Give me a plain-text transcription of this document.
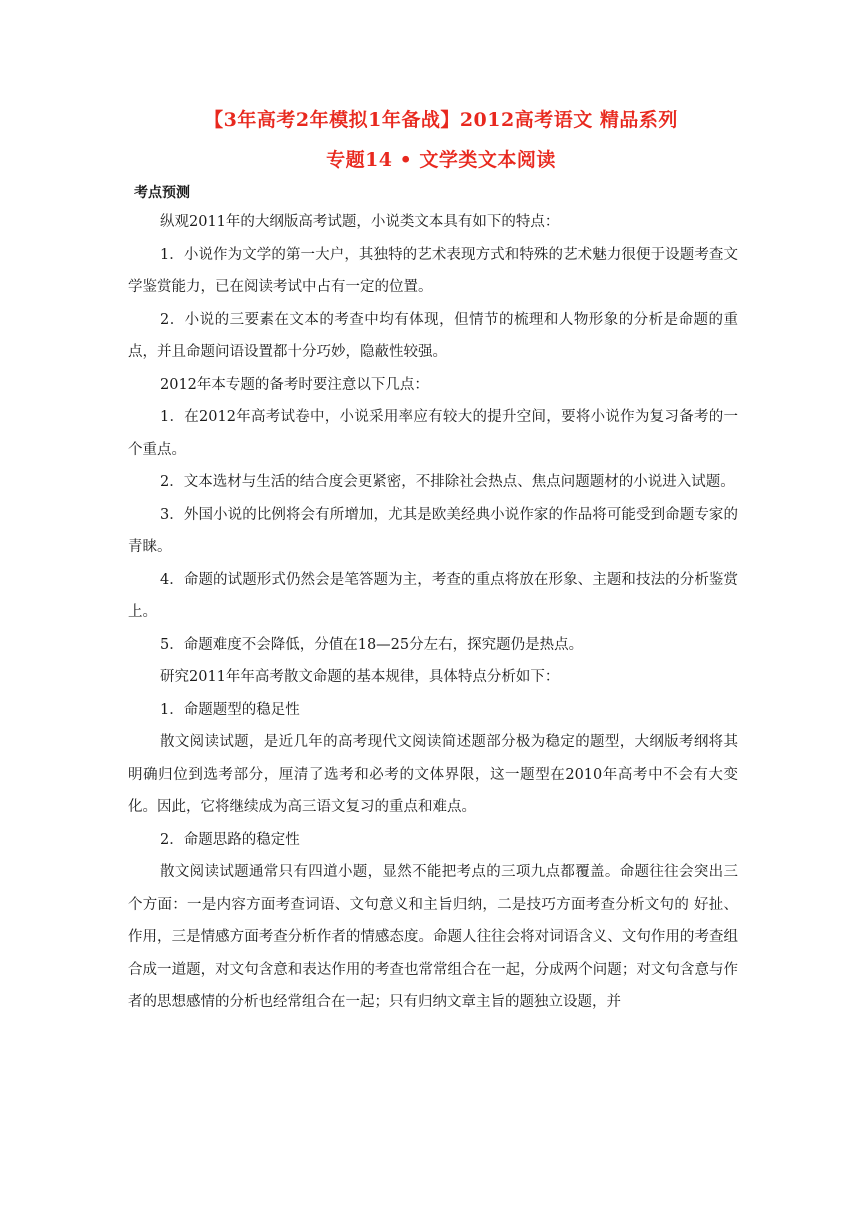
【3年高考2年模拟1年备战】2012高考语文 精品系列
专题14 • 文学类文本阅读
考点预测

纵观2011年的大纲版高考试题，小说类文本具有如下的特点：

1．小说作为文学的第一大户，其独特的艺术表现方式和特殊的艺术魅力很便于设题考查文学鉴赏能力，已在阅读考试中占有一定的位置。

2．小说的三要素在文本的考查中均有体现，但情节的梳理和人物形象的分析是命题的重点，并且命题问语设置都十分巧妙，隐蔽性较强。

2012年本专题的备考时要注意以下几点：

1．在2012年高考试卷中，小说采用率应有较大的提升空间，要将小说作为复习备考的一个重点。

2．文本选材与生活的结合度会更紧密，不排除社会热点、焦点问题题材的小说进入试题。

3．外国小说的比例将会有所增加，尤其是欧美经典小说作家的作品将可能受到命题专家的青睐。

4．命题的试题形式仍然会是笔答题为主，考查的重点将放在形象、主题和技法的分析鉴赏上。

5．命题难度不会降低，分值在18—25分左右，探究题仍是热点。

研究2011年年高考散文命题的基本规律，具体特点分析如下：

1．命题题型的稳足性

散文阅读试题，是近几年的高考现代文阅读简述题部分极为稳定的题型，大纲版考纲将其明确归位到选考部分，厘清了选考和必考的文体界限，这一题型在2010年高考中不会有大变化。因此，它将继续成为高三语文复习的重点和难点。

2．命题思路的稳定性

散文阅读试题通常只有四道小题，显然不能把考点的三项九点都覆盖。命题往往会突出三个方面：一是内容方面考查词语、文句意义和主旨归纳，二是技巧方面考查分析文句的 好扯、作用，三是情感方面考查分析作者的情感态度。命题人往往会将对词语含义、文句作用的考查组合成一道题，对文句含意和表达作用的考查也常常组合在一起，分成两个问题；对文句含意与作者的思想感情的分析也经常组合在一起；只有归纳文章主旨的题独立设题，并
